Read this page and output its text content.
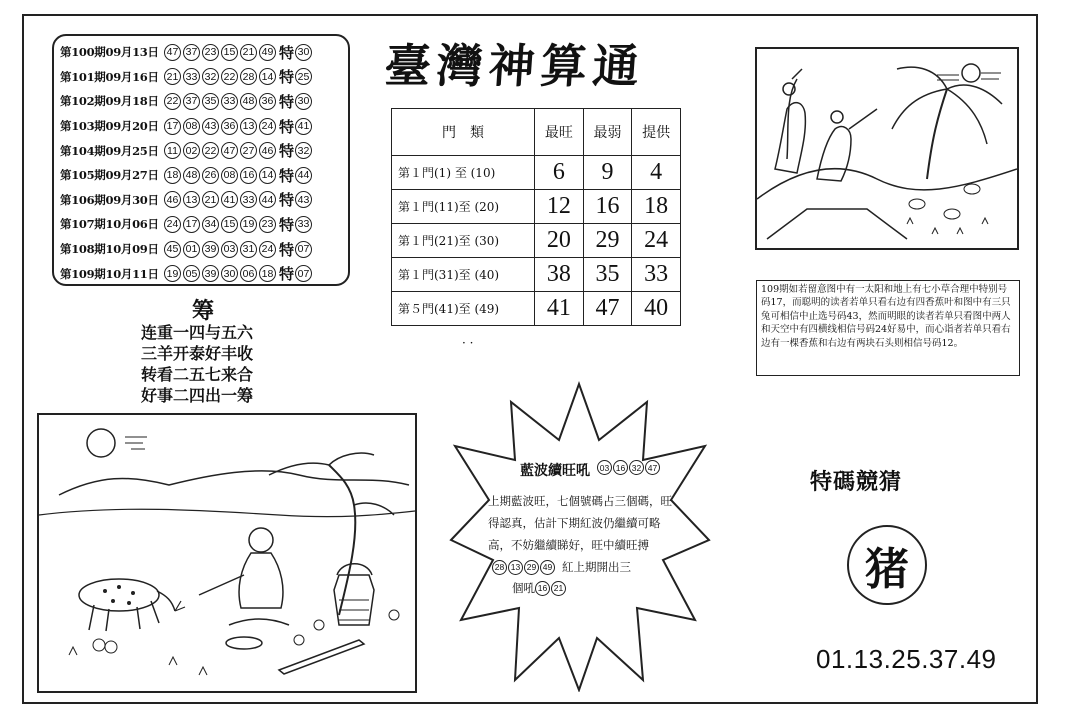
第100期09月13日 47 37 23 15 21 49 特 30
第101期09月16日 21 33 32 22 28 14 特 25
第102期09月18日 22 37 35 33 48 36 特 30
第103期09月20日 17 08 43 36 13 24 特 41
第104期09月25日 11 02 22 47 27 46 特 32
第105期09月27日 18 48 26 08 16 14 特 44
第106期09月30日 46 13 21 41 33 44 特 43
第107期10月06日 24 17 34 15 19 23 特 33
第108期10月09日 45 01 39 03 31 24 特 07
第109期10月11日 19 05 39 30 06 18 特 07
臺灣神算通
門　類	最旺	最弱	提供
第１門(1) 至 (10)	6	9	4
第１門(11)至 (20)	12	16	18
第１門(21)至 (30)	20	29	24
第１門(31)至 (40)	38	35	33
第５門(41)至 (49)	41	47	40
· ·
筹
连重一四与五六
三羊开泰好丰收
转看二五七来合
好事二四出一筹
109期如若留意图中有一太阳和地上有七小草合理中特别号码17，而聪明的读者若单只看右边有四香蕉叶和图中有三只兔可相信中止选号码43，然而明眼的读者若单只看图中两人和天空中有四横线相信号码24好易中，而心诣者若单只看右边有一棵香蕉和右边有两块石头则相信号码12。
藍波續旺吼	03 16 32 47
上期藍波旺，七個號碼占三個碼，旺得認真，估計下期紅波仍繼續可略高，不妨繼續睇好，旺中續旺搏
28 13 29 49 紅上期開出三
個吼 16 21
特碼競猜
猪
01.13.25.37.49
